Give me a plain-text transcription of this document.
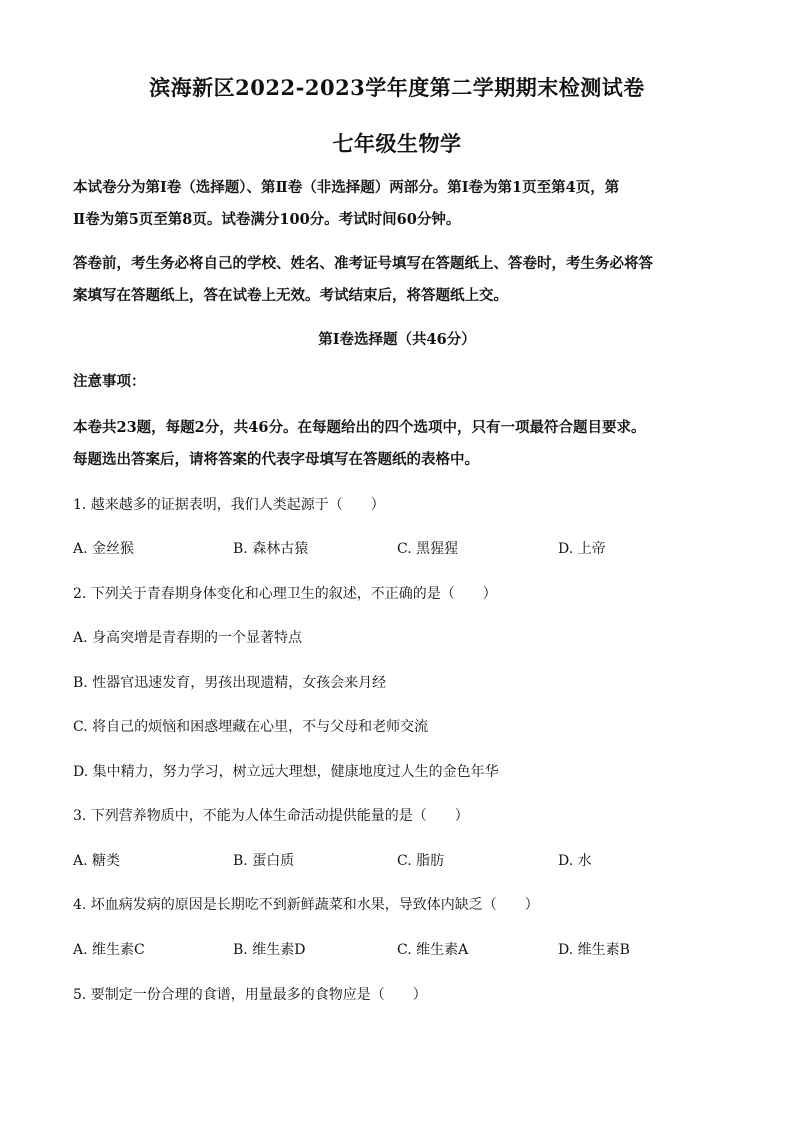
滨海新区2022-2023学年度第二学期期末检测试卷
七年级生物学
本试卷分为第Ⅰ卷（选择题）、第Ⅱ卷（非选择题）两部分。第Ⅰ卷为第1页至第4页，第
Ⅱ卷为第5页至第8页。试卷满分100分。考试时间60分钟。
答卷前，考生务必将自己的学校、姓名、准考证号填写在答题纸上、答卷时，考生务必将答
案填写在答题纸上，答在试卷上无效。考试结束后，将答题纸上交。
第Ⅰ卷选择题（共46分）
注意事项：
本卷共23题，每题2分，共46分。在每题给出的四个选项中，只有一项最符合题目要求。
每题选出答案后，请将答案的代表字母填写在答题纸的表格中。
1. 越来越多的证据表明，我们人类起源于（　　）
A. 金丝猴	B. 森林古猿	C. 黑猩猩	D. 上帝
2. 下列关于青春期身体变化和心理卫生的叙述，不正确的是（　　）
A. 身高突增是青春期的一个显著特点
B. 性器官迅速发育，男孩出现遗精，女孩会来月经
C. 将自己的烦恼和困惑埋藏在心里，不与父母和老师交流
D. 集中精力，努力学习，树立远大理想，健康地度过人生的金色年华
3. 下列营养物质中，不能为人体生命活动提供能量的是（　　）
A. 糖类	B. 蛋白质	C. 脂肪	D. 水
4. 坏血病发病的原因是长期吃不到新鲜蔬菜和水果，导致体内缺乏（　　）
A. 维生素C	B. 维生素D	C. 维生素A	D. 维生素B
5. 要制定一份合理的食谱，用量最多的食物应是（　　）
